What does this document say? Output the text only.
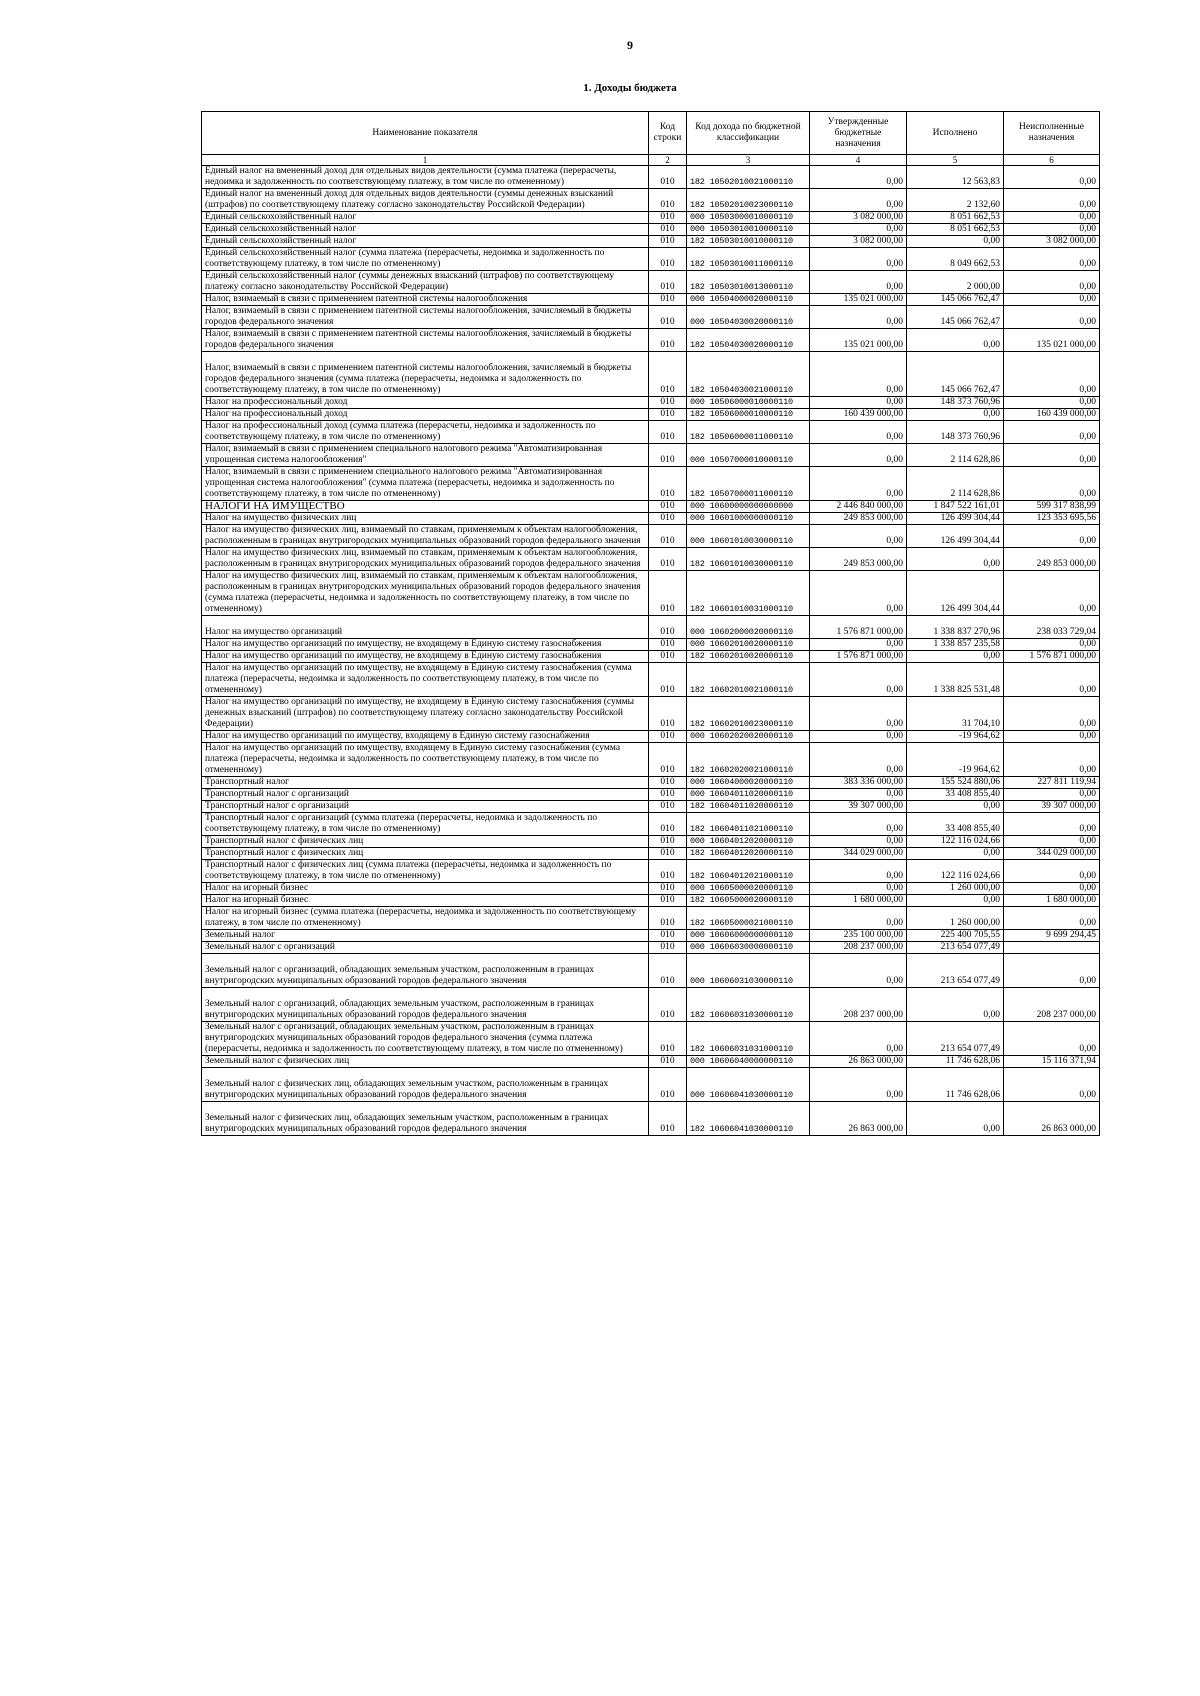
9
1. Доходы бюджета
Наименование показателя	Код строки	Код дохода по бюджетной классификации	Утвержденные бюджетные назначения	Исполнено	Неисполненные назначения
1	2	3	4	5	6
Единый налог на вмененный доход для отдельных видов деятельности (сумма платежа (перерасчеты, недоимка и задолженность по соответствующему платежу, в том числе по отмененному)	010	182 10502010021000110	0,00	12 563,83	0,00
Единый налог на вмененный доход для отдельных видов деятельности (суммы денежных взысканий (штрафов) по соответствующему платежу согласно законодательству Российской Федерации)	010	182 10502010023000110	0,00	2 132,60	0,00
Единый сельскохозяйственный налог	010	000 10503000010000110	3 082 000,00	8 051 662,53	0,00
Единый сельскохозяйственный налог	010	000 10503010010000110	0,00	8 051 662,53	0,00
Единый сельскохозяйственный налог	010	182 10503010010000110	3 082 000,00	0,00	3 082 000,00
Единый сельскохозяйственный налог (сумма платежа (перерасчеты, недоимка и задолженность по соответствующему платежу, в том числе по отмененному)	010	182 10503010011000110	0,00	8 049 662,53	0,00
Единый сельскохозяйственный налог (суммы денежных взысканий (штрафов) по соответствующему платежу согласно законодательству Российской Федерации)	010	182 10503010013000110	0,00	2 000,00	0,00
Налог, взимаемый в связи с применением патентной системы налогообложения	010	000 10504000020000110	135 021 000,00	145 066 762,47	0,00
Налог, взимаемый в связи с применением патентной системы налогообложения, зачисляемый в бюджеты городов федерального значения	010	000 10504030020000110	0,00	145 066 762,47	0,00
Налог, взимаемый в связи с применением патентной системы налогообложения, зачисляемый в бюджеты городов федерального значения	010	182 10504030020000110	135 021 000,00	0,00	135 021 000,00
Налог, взимаемый в связи с применением патентной системы налогообложения, зачисляемый в бюджеты городов федерального значения (сумма платежа (перерасчеты, недоимка и задолженность по соответствующему платежу, в том числе по отмененному)	010	182 10504030021000110	0,00	145 066 762,47	0,00
Налог на профессиональный доход	010	000 10506000010000110	0,00	148 373 760,96	0,00
Налог на профессиональный доход	010	182 10506000010000110	160 439 000,00	0,00	160 439 000,00
Налог на профессиональный доход (сумма платежа (перерасчеты, недоимка и задолженность по соответствующему платежу, в том числе по отмененному)	010	182 10506000011000110	0,00	148 373 760,96	0,00
Налог, взимаемый в связи с применением специального налогового режима "Автоматизированная упрощенная система налогообложения"	010	000 10507000010000110	0,00	2 114 628,86	0,00
Налог, взимаемый в связи с применением специального налогового режима "Автоматизированная упрощенная система налогообложения" (сумма платежа (перерасчеты, недоимка и задолженность по соответствующему платежу, в том числе по отмененному)	010	182 10507000011000110	0,00	2 114 628,86	0,00
НАЛОГИ НА ИМУЩЕСТВО	010	000 10600000000000000	2 446 840 000,00	1 847 522 161,01	599 317 838,99
Налог на имущество физических лиц	010	000 10601000000000110	249 853 000,00	126 499 304,44	123 353 695,56
Налог на имущество физических лиц, взимаемый по ставкам, применяемым к объектам налогообложения, расположенным в границах внутригородских муниципальных образований городов федерального значения	010	000 10601010030000110	0,00	126 499 304,44	0,00
Налог на имущество физических лиц, взимаемый по ставкам, применяемым к объектам налогообложения, расположенным в границах внутригородских муниципальных образований городов федерального значения	010	182 10601010030000110	249 853 000,00	0,00	249 853 000,00
Налог на имущество физических лиц, взимаемый по ставкам, применяемым к объектам налогообложения, расположенным в границах внутригородских муниципальных образований городов федерального значения (сумма платежа (перерасчеты, недоимка и задолженность по соответствующему платежу, в том числе по отмененному)	010	182 10601010031000110	0,00	126 499 304,44	0,00
Налог на имущество организаций	010	000 10602000020000110	1 576 871 000,00	1 338 837 270,96	238 033 729,04
Налог на имущество организаций по имуществу, не входящему в Единую систему газоснабжения	010	000 10602010020000110	0,00	1 338 857 235,58	0,00
Налог на имущество организаций по имуществу, не входящему в Единую систему газоснабжения	010	182 10602010020000110	1 576 871 000,00	0,00	1 576 871 000,00
Налог на имущество организаций по имуществу, не входящему в Единую систему газоснабжения (сумма платежа (перерасчеты, недоимка и задолженность по соответствующему платежу, в том числе по отмененному)	010	182 10602010021000110	0,00	1 338 825 531,48	0,00
Налог на имущество организаций по имуществу, не входящему в Единую систему газоснабжения (суммы денежных взысканий (штрафов) по соответствующему платежу согласно законодательству Российской Федерации)	010	182 10602010023000110	0,00	31 704,10	0,00
Налог на имущество организаций по имуществу, входящему в Единую систему газоснабжения	010	000 10602020020000110	0,00	-19 964,62	0,00
Налог на имущество организаций по имуществу, входящему в Единую систему газоснабжения (сумма платежа (перерасчеты, недоимка и задолженность по соответствующему платежу, в том числе по отмененному)	010	182 10602020021000110	0,00	-19 964,62	0,00
Транспортный налог	010	000 10604000020000110	383 336 000,00	155 524 880,06	227 811 119,94
Транспортный налог с организаций	010	000 10604011020000110	0,00	33 408 855,40	0,00
Транспортный налог с организаций	010	182 10604011020000110	39 307 000,00	0,00	39 307 000,00
Транспортный налог с организаций (сумма платежа (перерасчеты, недоимка и задолженность по соответствующему платежу, в том числе по отмененному)	010	182 10604011021000110	0,00	33 408 855,40	0,00
Транспортный налог с физических лиц	010	000 10604012020000110	0,00	122 116 024,66	0,00
Транспортный налог с физических лиц	010	182 10604012020000110	344 029 000,00	0,00	344 029 000,00
Транспортный налог с физических лиц (сумма платежа (перерасчеты, недоимка и задолженность по соответствующему платежу, в том числе по отмененному)	010	182 10604012021000110	0,00	122 116 024,66	0,00
Налог на игорный бизнес	010	000 10605000020000110	0,00	1 260 000,00	0,00
Налог на игорный бизнес	010	182 10605000020000110	1 680 000,00	0,00	1 680 000,00
Налог на игорный бизнес (сумма платежа (перерасчеты, недоимка и задолженность по соответствующему платежу, в том числе по отмененному)	010	182 10605000021000110	0,00	1 260 000,00	0,00
Земельный налог	010	000 10606000000000110	235 100 000,00	225 400 705,55	9 699 294,45
Земельный налог с организаций	010	000 10606030000000110	208 237 000,00	213 654 077,49	
Земельный налог с организаций, обладающих земельным участком, расположенным в границах внутригородских муниципальных образований городов федерального значения	010	000 10606031030000110	0,00	213 654 077,49	0,00
Земельный налог с организаций, обладающих земельным участком, расположенным в границах внутригородских муниципальных образований городов федерального значения	010	182 10606031030000110	208 237 000,00	0,00	208 237 000,00
Земельный налог с организаций, обладающих земельным участком, расположенным в границах внутригородских муниципальных образований городов федерального значения (сумма платежа (перерасчеты, недоимка и задолженность по соответствующему платежу, в том числе по отмененному)	010	182 10606031031000110	0,00	213 654 077,49	0,00
Земельный налог с физических лиц	010	000 10606040000000110	26 863 000,00	11 746 628,06	15 116 371,94
Земельный налог с физических лиц, обладающих земельным участком, расположенным в границах внутригородских муниципальных образований городов федерального значения	010	000 10606041030000110	0,00	11 746 628,06	0,00
Земельный налог с физических лиц, обладающих земельным участком, расположенным в границах внутригородских муниципальных образований городов федерального значения	010	182 10606041030000110	26 863 000,00	0,00	26 863 000,00
